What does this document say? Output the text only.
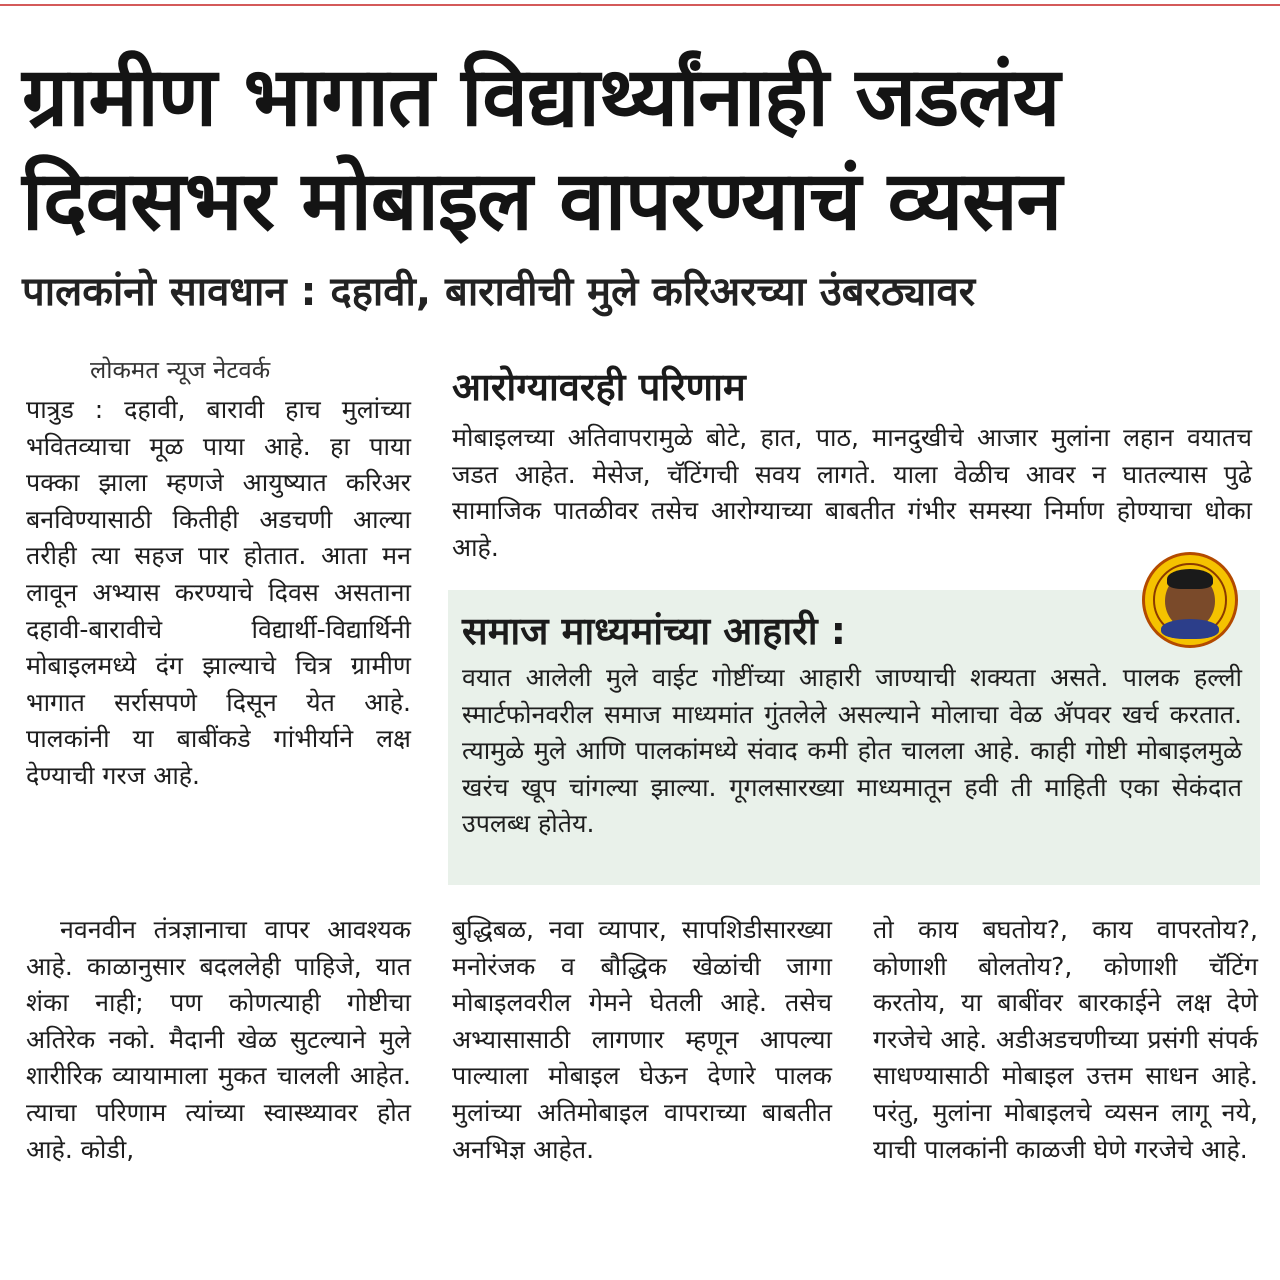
ग्रामीण भागात विद्यार्थ्यांनाही जडलंय
दिवसभर मोबाइल वापरण्याचं व्यसन
पालकांनो सावधान : दहावी, बारावीची मुले करिअरच्या उंबरठ्यावर
लोकमत न्यूज नेटवर्क

पात्रुड : दहावी, बारावी हाच मुलांच्या भवितव्याचा मूळ पाया आहे. हा पाया पक्का झाला म्हणजे आयुष्यात करिअर बनविण्यासाठी कितीही अडचणी आल्या तरीही त्या सहज पार होतात. आता मन लावून अभ्यास करण्याचे दिवस असताना दहावी-बारावीचे विद्यार्थी-विद्यार्थिनी मोबाइलमध्ये दंग झाल्याचे चित्र ग्रामीण भागात सर्रासपणे दिसून येत आहे. पालकांनी या बाबींकडे गांभीर्याने लक्ष देण्याची गरज आहे.

नवनवीन तंत्रज्ञानाचा वापर आवश्यक आहे. काळानुसार बदललेही पाहिजे, यात शंका नाही; पण कोणत्याही गोष्टीचा अतिरेक नको. मैदानी खेळ सुटल्याने मुले शारीरिक व्यायामाला मुकत चालली आहेत. त्याचा परिणाम त्यांच्या स्वास्थ्यावर होत आहे. कोडी,

बुद्धिबळ, नवा व्यापार, सापशिडीसारख्या मनोरंजक व बौद्धिक खेळांची जागा मोबाइलवरील गेमने घेतली आहे. तसेच अभ्यासासाठी लागणार म्हणून आपल्या पाल्याला मोबाइल घेऊन देणारे पालक मुलांच्या अतिमोबाइल वापराच्या बाबतीत अनभिज्ञ आहेत.

तो काय बघतोय?, काय वापरतोय?, कोणाशी बोलतोय?, कोणाशी चॅटिंग करतोय, या बाबींवर बारकाईने लक्ष देणे गरजेचे आहे. अडीअडचणीच्या प्रसंगी संपर्क साधण्यासाठी मोबाइल उत्तम साधन आहे. परंतु, मुलांना मोबाइलचे व्यसन लागू नये, याची पालकांनी काळजी घेणे गरजेचे आहे.

आरोग्यावरही परिणाम

मोबाइलच्या अतिवापरामुळे बोटे, हात, पाठ, मानदुखीचे आजार मुलांना लहान वयातच जडत आहेत. मेसेज, चॅटिंगची सवय लागते. याला वेळीच आवर न घातल्यास पुढे सामाजिक पातळीवर तसेच आरोग्याच्या बाबतीत गंभीर समस्या निर्माण होण्याचा धोका आहे.

समाज माध्यमांच्या आहारी :

वयात आलेली मुले वाईट गोष्टींच्या आहारी जाण्याची शक्यता असते. पालक हल्ली स्मार्टफोनवरील समाज माध्यमांत गुंतलेले असल्याने मोलाचा वेळ ॲपवर खर्च करतात. त्यामुळे मुले आणि पालकांमध्ये संवाद कमी होत चालला आहे. काही गोष्टी मोबाइलमुळे खरंच खूप चांगल्या झाल्या. गूगलसारख्या माध्यमातून हवी ती माहिती एका सेकंदात उपलब्ध होतेय.
